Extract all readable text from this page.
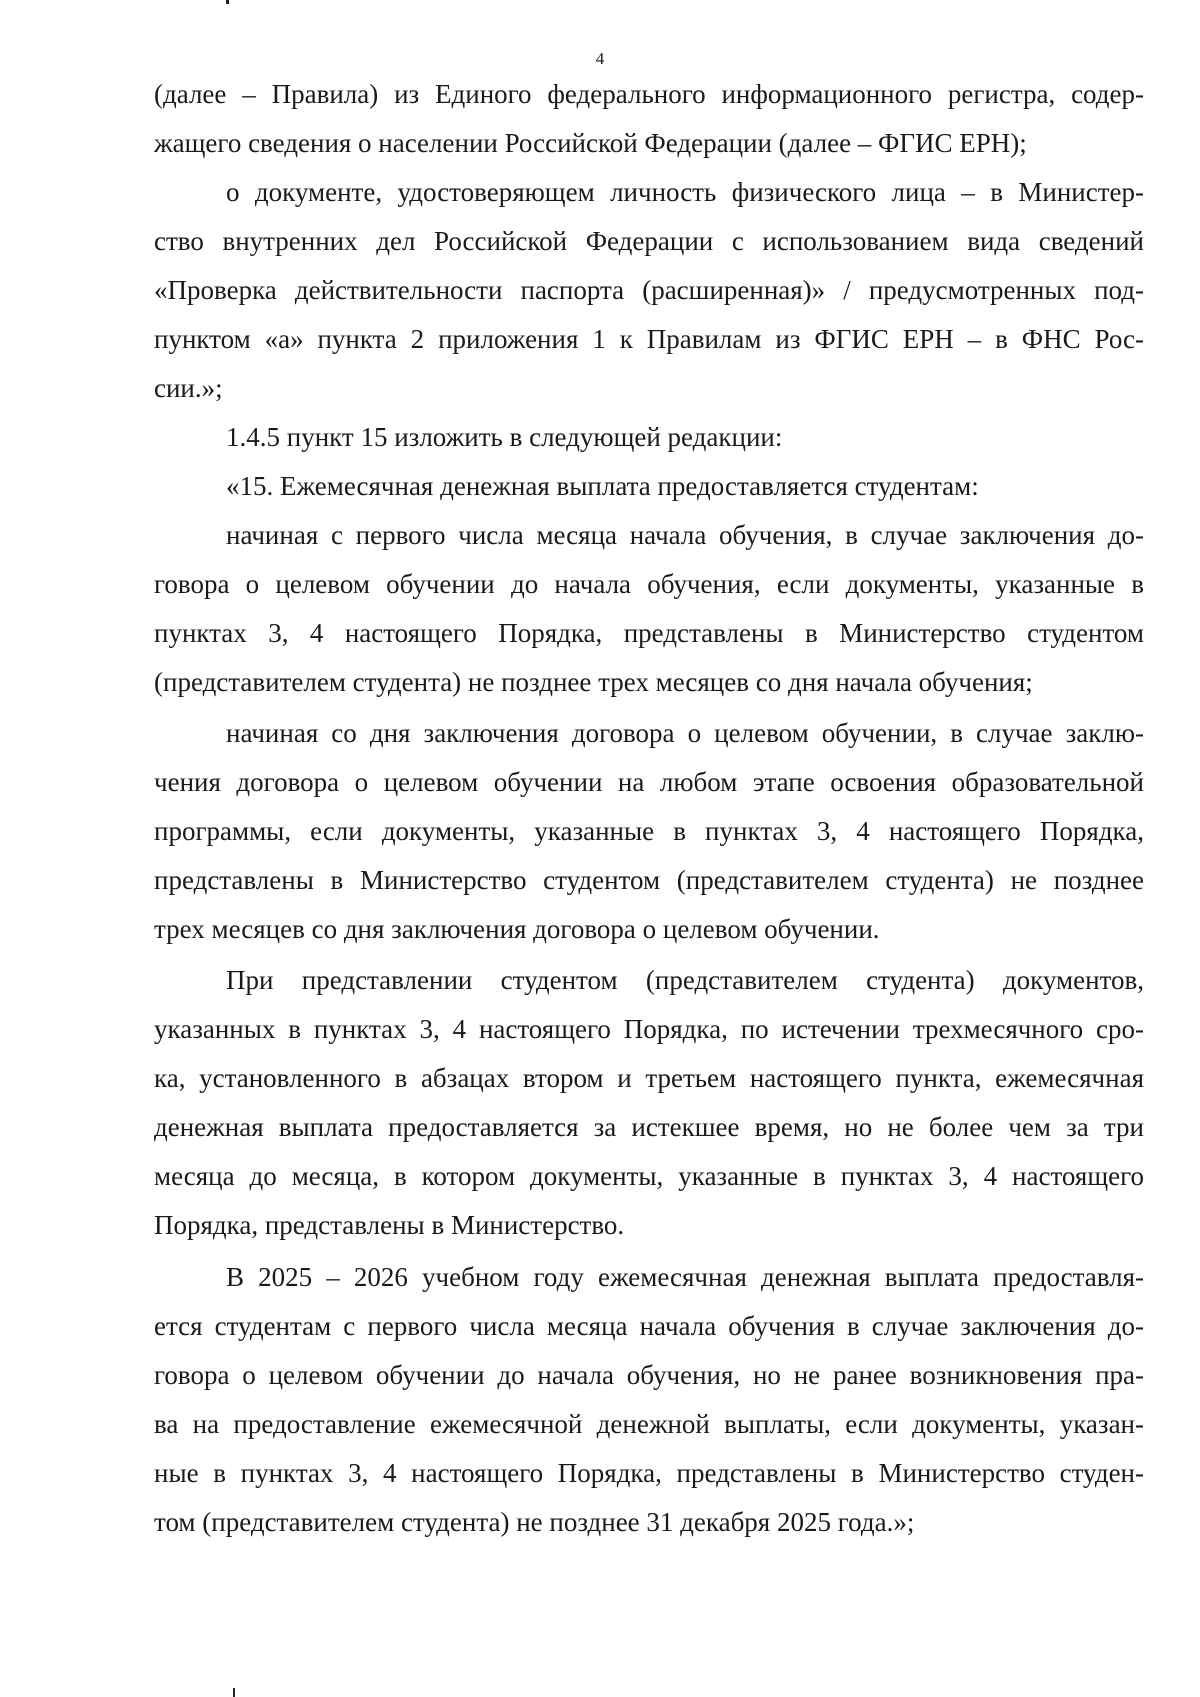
4
(далее – Правила) из Единого федерального информационного регистра, содер-
жащего сведения о населении Российской Федерации (далее – ФГИС ЕРН);
о документе, удостоверяющем личность физического лица – в Министер-
ство внутренних дел Российской Федерации с использованием вида сведений
«Проверка действительности паспорта (расширенная)» / предусмотренных под-
пунктом «а» пункта 2 приложения 1 к Правилам из ФГИС ЕРН – в ФНС Рос-
сии.»;
1.4.5 пункт 15 изложить в следующей редакции:
«15. Ежемесячная денежная выплата предоставляется студентам:
начиная с первого числа месяца начала обучения, в случае заключения до-
говора о целевом обучении до начала обучения, если документы, указанные в
пунктах 3, 4 настоящего Порядка, представлены в Министерство студентом
(представителем студента) не позднее трех месяцев со дня начала обучения;
начиная со дня заключения договора о целевом обучении, в случае заклю-
чения договора о целевом обучении на любом этапе освоения образовательной
программы, если документы, указанные в пунктах 3, 4 настоящего Порядка,
представлены в Министерство студентом (представителем студента) не позднее
трех месяцев со дня заключения договора о целевом обучении.
При представлении студентом (представителем студента) документов,
указанных в пунктах 3, 4 настоящего Порядка, по истечении трехмесячного сро-
ка, установленного в абзацах втором и третьем настоящего пункта, ежемесячная
денежная выплата предоставляется за истекшее время, но не более чем за три
месяца до месяца, в котором документы, указанные в пунктах 3, 4 настоящего
Порядка, представлены в Министерство.
В 2025 – 2026 учебном году ежемесячная денежная выплата предоставля-
ется студентам с первого числа месяца начала обучения в случае заключения до-
говора о целевом обучении до начала обучения, но не ранее возникновения пра-
ва на предоставление ежемесячной денежной выплаты, если документы, указан-
ные в пунктах 3, 4 настоящего Порядка, представлены в Министерство студен-
том (представителем студента) не позднее 31 декабря 2025 года.»;
